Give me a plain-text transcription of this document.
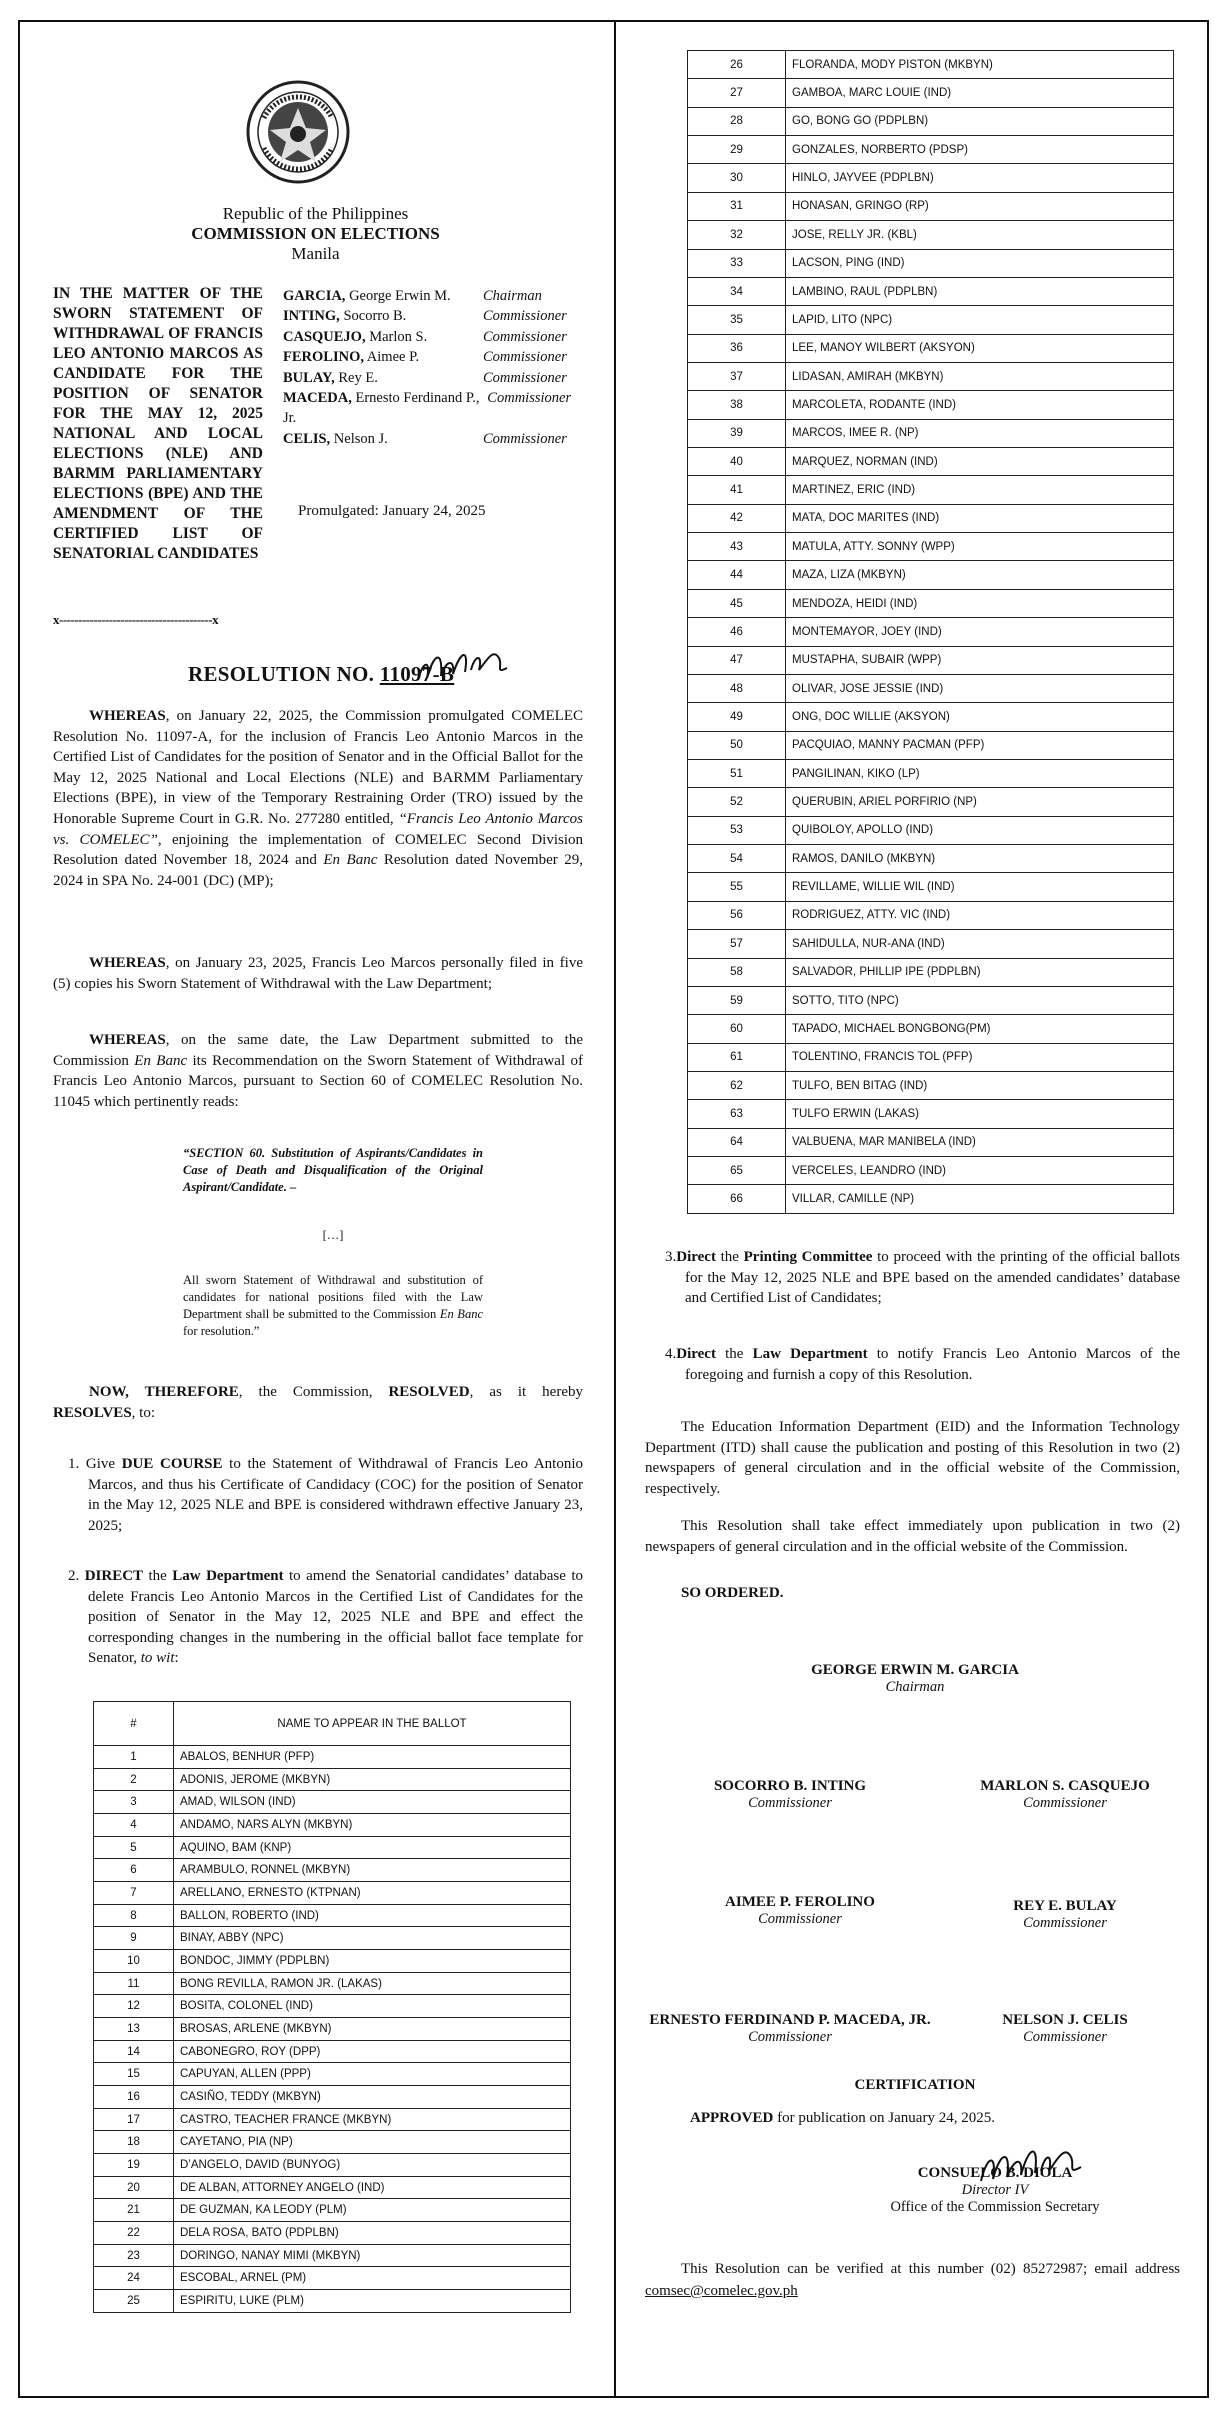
Republic of the Philippines
COMMISSION ON ELECTIONS
Manila
IN THE MATTER OF THE SWORN STATEMENT OF WITHDRAWAL OF FRANCIS LEO ANTONIO MARCOS AS CANDIDATE FOR THE POSITION OF SENATOR FOR THE MAY 12, 2025 NATIONAL AND LOCAL ELECTIONS (NLE) AND BARMM PARLIAMENTARY ELECTIONS (BPE) AND THE AMENDMENT OF THE CERTIFIED LIST OF SENATORIAL CANDIDATES
x----------------------------------------x
GARCIA, George Erwin M. Chairman
INTING, Socorro B.	Commissioner
CASQUEJO, Marlon S.	Commissioner
FEROLINO, Aimee P.	Commissioner
BULAY, Rey E.	Commissioner
MACEDA, Ernesto Ferdinand P., Jr.
Commissioner
CELIS, Nelson J.	Commissioner
Promulgated: January 24, 2025
RESOLUTION NO. 11097-B
WHEREAS, on January 22, 2025, the Commission promulgated COMELEC Resolution No. 11097-A, for the inclusion of Francis Leo Antonio Marcos in the Certified List of Candidates for the position of Senator and in the Official Ballot for the May 12, 2025 National and Local Elections (NLE) and BARMM Parliamentary Elections (BPE), in view of the Temporary Restraining Order (TRO) issued by the Honorable Supreme Court in G.R. No. 277280 entitled, “Francis Leo Antonio Marcos vs. COMELEC”, enjoining the implementation of COMELEC Second Division Resolution dated November 18, 2024 and En Banc Resolution dated November 29, 2024 in SPA No. 24-001 (DC) (MP);
WHEREAS, on January 23, 2025, Francis Leo Marcos personally filed in five (5) copies his Sworn Statement of Withdrawal with the Law Department;
WHEREAS, on the same date, the Law Department submitted to the Commission En Banc its Recommendation on the Sworn Statement of Withdrawal of Francis Leo Antonio Marcos, pursuant to Section 60 of COMELEC Resolution No. 11045 which pertinently reads:
“SECTION 60. Substitution of Aspirants/Candidates in Case of Death and Disqualification of the Original Aspirant/Candidate. –
[…]
All sworn Statement of Withdrawal and substitution of candidates for national positions filed with the Law Department shall be submitted to the Commission En Banc for resolution.”
NOW, THEREFORE, the Commission, RESOLVED, as it hereby RESOLVES, to:
1. Give DUE COURSE to the Statement of Withdrawal of Francis Leo Antonio Marcos, and thus his Certificate of Candidacy (COC) for the position of Senator in the May 12, 2025 NLE and BPE is considered withdrawn effective January 23, 2025;
2. DIRECT the Law Department to amend the Senatorial candidates’ database to delete Francis Leo Antonio Marcos in the Certified List of Candidates for the position of Senator in the May 12, 2025 NLE and BPE and effect the corresponding changes in the numbering in the official ballot face template for Senator, to wit:
#	NAME TO APPEAR IN THE BALLOT
1	ABALOS, BENHUR (PFP)
2	ADONIS, JEROME (MKBYN)
3	AMAD, WILSON (IND)
4	ANDAMO, NARS ALYN (MKBYN)
5	AQUINO, BAM (KNP)
6	ARAMBULO, RONNEL (MKBYN)
7	ARELLANO, ERNESTO (KTPNAN)
8	BALLON, ROBERTO (IND)
9	BINAY, ABBY (NPC)
10	BONDOC, JIMMY (PDPLBN)
11	BONG REVILLA, RAMON JR. (LAKAS)
12	BOSITA, COLONEL (IND)
13	BROSAS, ARLENE (MKBYN)
14	CABONEGRO, ROY (DPP)
15	CAPUYAN, ALLEN (PPP)
16	CASIÑO, TEDDY (MKBYN)
17	CASTRO, TEACHER FRANCE (MKBYN)
18	CAYETANO, PIA (NP)
19	D’ANGELO, DAVID (BUNYOG)
20	DE ALBAN, ATTORNEY ANGELO (IND)
21	DE GUZMAN, KA LEODY (PLM)
22	DELA ROSA, BATO (PDPLBN)
23	DORINGO, NANAY MIMI (MKBYN)
24	ESCOBAL, ARNEL (PM)
25	ESPIRITU, LUKE (PLM)
26	FLORANDA, MODY PISTON (MKBYN)
27	GAMBOA, MARC LOUIE (IND)
28	GO, BONG GO (PDPLBN)
29	GONZALES, NORBERTO (PDSP)
30	HINLO, JAYVEE (PDPLBN)
31	HONASAN, GRINGO (RP)
32	JOSE, RELLY JR. (KBL)
33	LACSON, PING (IND)
34	LAMBINO, RAUL (PDPLBN)
35	LAPID, LITO (NPC)
36	LEE, MANOY WILBERT (AKSYON)
37	LIDASAN, AMIRAH (MKBYN)
38	MARCOLETA, RODANTE (IND)
39	MARCOS, IMEE R. (NP)
40	MARQUEZ, NORMAN (IND)
41	MARTINEZ, ERIC (IND)
42	MATA, DOC MARITES (IND)
43	MATULA, ATTY. SONNY (WPP)
44	MAZA, LIZA (MKBYN)
45	MENDOZA, HEIDI (IND)
46	MONTEMAYOR, JOEY (IND)
47	MUSTAPHA, SUBAIR (WPP)
48	OLIVAR, JOSE JESSIE (IND)
49	ONG, DOC WILLIE (AKSYON)
50	PACQUIAO, MANNY PACMAN (PFP)
51	PANGILINAN, KIKO (LP)
52	QUERUBIN, ARIEL PORFIRIO (NP)
53	QUIBOLOY, APOLLO (IND)
54	RAMOS, DANILO (MKBYN)
55	REVILLAME, WILLIE WIL (IND)
56	RODRIGUEZ, ATTY. VIC (IND)
57	SAHIDULLA, NUR-ANA (IND)
58	SALVADOR, PHILLIP IPE (PDPLBN)
59	SOTTO, TITO (NPC)
60	TAPADO, MICHAEL BONGBONG(PM)
61	TOLENTINO, FRANCIS TOL (PFP)
62	TULFO, BEN BITAG (IND)
63	TULFO ERWIN (LAKAS)
64	VALBUENA, MAR MANIBELA (IND)
65	VERCELES, LEANDRO (IND)
66	VILLAR, CAMILLE (NP)
3.Direct the Printing Committee to proceed with the printing of the official ballots for the May 12, 2025 NLE and BPE based on the amended candidates’ database and Certified List of Candidates;
4.Direct the Law Department to notify Francis Leo Antonio Marcos of the foregoing and furnish a copy of this Resolution.
The Education Information Department (EID) and the Information Technology Department (ITD) shall cause the publication and posting of this Resolution in two (2) newspapers of general circulation and in the official website of the Commission, respectively.
This Resolution shall take effect immediately upon publication in two (2) newspapers of general circulation and in the official website of the Commission.
SO ORDERED.
GEORGE ERWIN M. GARCIA
Chairman
SOCORRO B. INTING
Commissioner
MARLON S. CASQUEJO
Commissioner
AIMEE P. FEROLINO
Commissioner
REY E. BULAY
Commissioner
ERNESTO FERDINAND P. MACEDA, JR.
Commissioner
NELSON J. CELIS
Commissioner
CERTIFICATION
APPROVED for publication on January 24, 2025.
CONSUELO B. DIOLA
Director IV
Office of the Commission Secretary
This Resolution can be verified at this number (02) 85272987; email address comsec@comelec.gov.ph
